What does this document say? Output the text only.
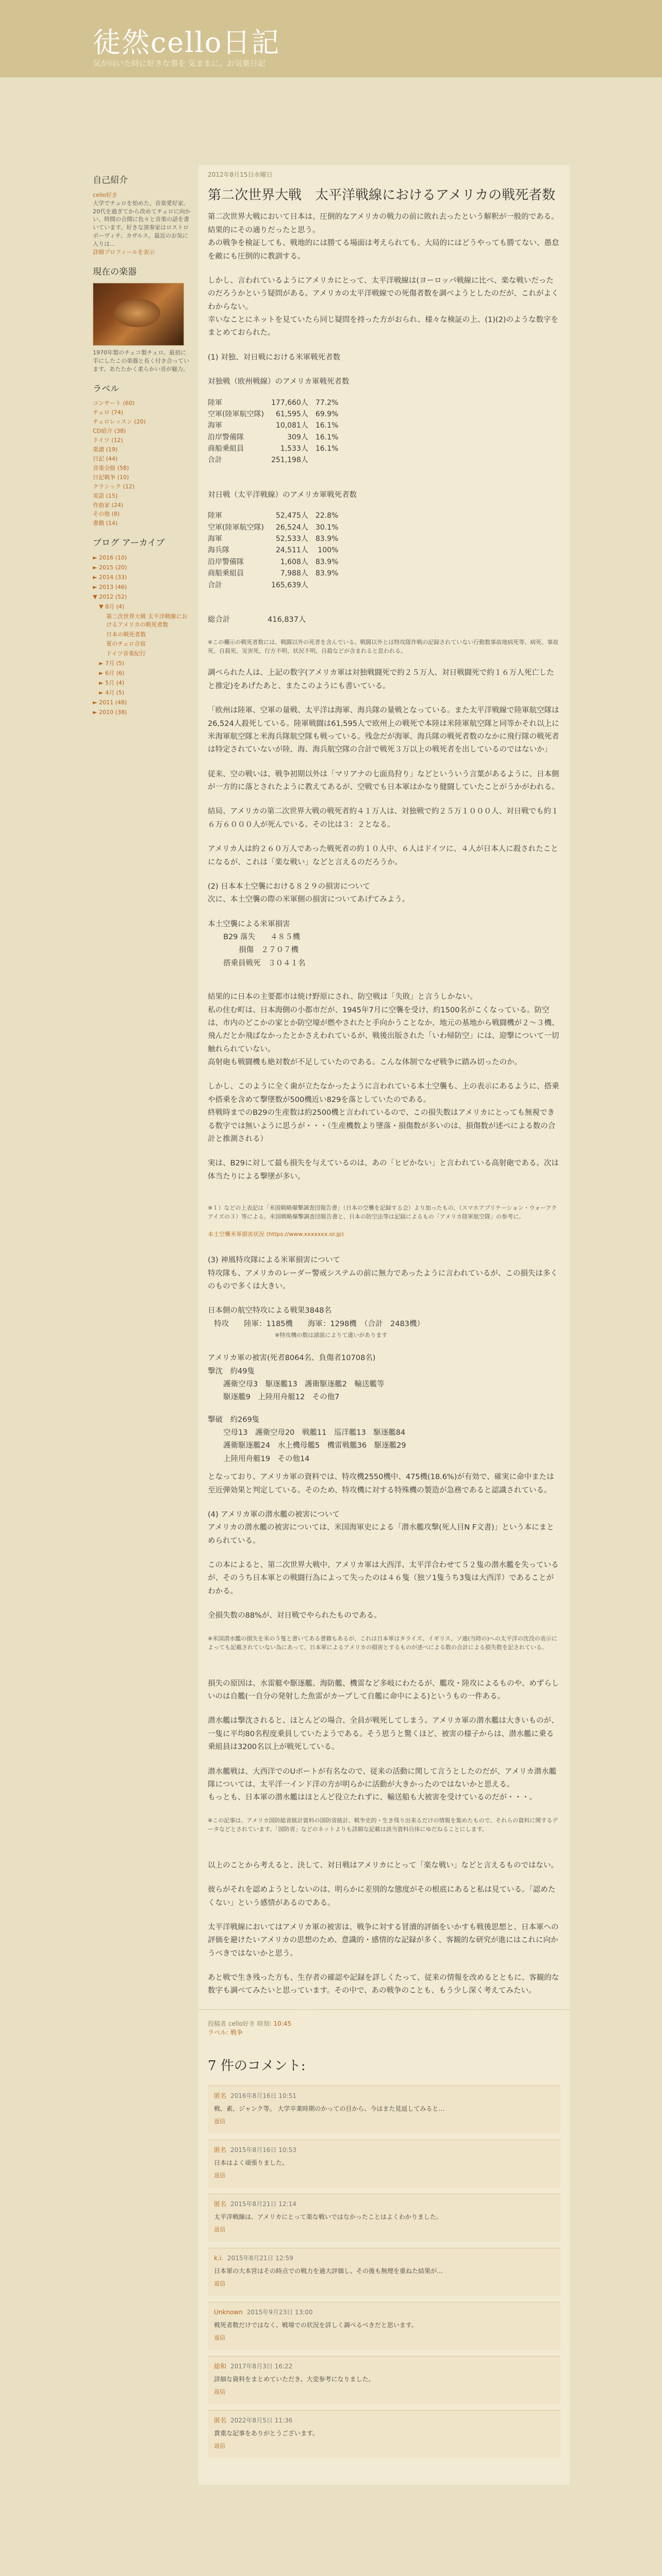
徒然cello日記
気が向いた時に好きな事を 気ままに。お気楽日記
自己紹介
cello好き
大学でチェロを始めた、音楽愛好家。20代を過ぎてから改めてチェロに向かい、時間の合間に色々と音楽の話を書いています。好きな演奏家はロストロポーヴィチ、カザルス。最近のお気に入りは...
詳細プロフィールを表示
現在の楽器
1970年製のチェコ製チェロ。最初に手にしたこの楽器と長く付き合っています。あたたかく柔らかい音が魅力。
ラベル
コンサート (60)
チェロ (74)
チェロレッスン (20)
CD紹介 (38)
ドイツ (12)
楽譜 (19)
日記 (44)
音楽全般 (58)
日記戦争 (10)
クラシック (12)
英語 (15)
作曲家 (24)
その他 (8)
書籍 (14)
ブログ アーカイブ
► 2016 (10)
► 2015 (20)
► 2014 (33)
► 2013 (46)
▼ 2012 (52)
▼ 8月 (4)
第二次世界大戦 太平洋戦線におけるアメリカの戦死者数
日本の戦死者数
夏のチェロ合宿
ドイツ音楽紀行
► 7月 (5)
► 6月 (6)
► 5月 (4)
► 4月 (5)
► 2011 (48)
► 2010 (38)
2012年8月15日水曜日
第二次世界大戦　太平洋戦線におけるアメリカの戦死者数

第二次世界大戦において日本は、圧倒的なアメリカの戦力の前に敗れ去ったという解釈が一般的である。結果的にその通りだったと思う。
あの戦争を検証しても、戦地的には勝てる場面は考えられても、大局的にはどうやっても勝てない、愚怠を敵にも圧倒的に教訓する。

しかし、言われているようにアメリカにとって、太平洋戦線は(ヨーロッパ戦線に比べ、楽な戦いだったのだろうかという疑問がある。アメリカの太平洋戦線での死傷者数を調べようとしたのだが、これがよくわからない。
幸いなことにネットを見ていたら同じ疑問を持った方がおられ、様々な検証の上、(1)(2)のような数字をまとめておられた。

(1) 対独、対日戦における米軍戦死者数

対独戦（欧州戦線）のアメリカ軍戦死者数
陸軍	177,660人	77.2%
空軍(陸軍航空隊)	61,595人	69.9%
海軍	10,081人	16.1%
沿岸警備隊	309人	16.1%
商船乗組員	1,533人	16.1%
合計	251,198人	
対日戦（太平洋戦線）のアメリカ軍戦死者数
陸軍	52,475人	22.8%
空軍(陸軍航空隊)	26,524人	30.1%
海軍	52,533人	83.9%
海兵隊	24,511人	100%
沿岸警備隊	1,608人	83.9%
商船乗組員	7,988人	83.9%
合計	165,639人	

総合計　　　　　416,837人

※この欄示の戦死者数には、戦闘以外の死者を含んでいる。戦闘以外とは特攻隊作戦の記録されていない行動数事故地病死等、病死、事故死、自殺死、災害死、行方不明、状況不明、自殺などが含まれると思われる。

調べられた人は、上記の数字(アメリカ軍は対独戦闘死で約２５万人、対日戦闘死で約１６万人死亡したと推定)をあげたあと、またこのようにも書いている。

「欧州は陸軍、空軍の量戦、太平洋は海軍、海兵隊の量戦となっている。また太平洋戦線で陸軍航空隊は26,524人殺死している。陸軍戦闘は61,595人で欧州上の戦死で本陸は米陸軍航空隊と同等かそれ以上に米海軍航空隊と米海兵隊航空隊も戦っている。残念だが海軍、海兵隊の戦死者数のなかに飛行隊の戦死者は特定されていないが陸、海、海兵航空隊の合計で戦死３万以上の戦死者を出しているのではないか」

従来、空の戦いは、戦争初期以外は「マリアナの七面鳥狩り」などといういう言葉があるように、日本側が一方的に落とされたように教えてあるが、空戦でも日本軍はかなり健闘していたことがうかがわれる。

結局、アメリカの第二次世界大戦の戦死者約４１万人は、対独戦で約２５万１０００人、対日戦でも約１６万６０００人が死んでいる。その比は３：２となる。

アメリカ人は約２６０万人であった戦死者の約１０人中、６人はドイツに、４人が日本人に殺されたことになるが、これは「楽な戦い」などと言えるのだろうか。

(2) 日本本土空襲における８２９の損害について

次に、本土空襲の際の米軍側の損害についてあげてみよう。

本土空襲による米軍損害
B29 落失　　４８５機
損傷　２７０７機
搭乗員戦死　３０４１名

結果的に日本の主要都市は焼け野原にされ、防空戦は「失敗」と言うしかない。
私の住む町は、日本海側の小都市だが、1945年7月に空襲を受け、約1500名がこくなっている。防空は、市内のどこかの家とか防空壕が燃やされたと手向かうことなか、地元の基地から戦闘機が２～３機、飛んだとか飛ばなかったとかさえわれているが、戦後出版された「いわ帰防空」には、迎撃について一切触れられていない。
高射砲も戦闘機も絶対数が不足していたのである。こんな体制でなぜ戦争に踏み切ったのか。

しかし、このように全く歯が立たなかったように言われている本土空襲も、上の表示にあるように、搭乗や搭乗を含めて撃墜数が500機近い829を落としていたのである。
終戦時までのB29の生産数は約2500機と言われているので、この損失数はアメリカにとっても無視できる数字では無いように思うが・・・（生産機数より墜落・損傷数が多いのは、損傷数が述べによる数の合計と推測される）

実は、B29に対して最も損失を与えているのは、あの「ヒビかない」と言われている高射砲である。次は体当たりによる撃墜が多い。

※１）などの上表記は「米国戦略爆撃調査団報告書」（日本の空襲を記録する会）より加ったもの、（スマホアプリケーション・ウォーアクアイズの３）等による。米国戦略爆撃調査団報告書と、日本の防空法等は記録によるもの「アメリカ陸軍航空隊」の参考に。

本土空襲米軍損害状況 (https://www.xxxxxxx.or.jp)

(3) 神風特攻隊による米軍損害について

特攻隊も、アメリカのレーダー警戒システムの前に無力であったように言われているが、この損失は多くのもので多くは大きい。

日本側の航空特攻による戦果3848名
特攻　　陸軍：1185機　　海軍：1298機　（合計　2483機）
※特攻機の数は諸説によりて違いがあります
アメリカ軍の被害(死者8064名、負傷者10708名)
撃沈　約49隻
護衛空母3　駆逐艦13　護衛駆逐艦2　輸送艦等
駆逐艦9　上陸用舟艇12　その他7
撃破　約269隻
空母13　護衛空母20　戦艦11　巡洋艦13　駆逐艦84
護衛駆逐艦24　水上機母艦5　機雷戦艦36　駆逐艦29
上陸用舟艇19　その他14

となっており、アメリカ軍の資料では、特攻機2550機中、475機(18.6%)が有効で、確実に命中または至近弾効果と判定している。そのため、特攻機に対する特殊機の製造が急務であると認識されている。

(4) アメリカ軍の潜水艦の被害について

アメリカの潜水艦の被害については、米国海軍史による「潜水艦攻撃(死人目N F文書)」という本にまとめられている。

この本によると、第二次世界大戦中、アメリカ軍は大西洋、太平洋合わせて５２隻の潜水艦を失っているが、そのうち日本軍との戦闘行為によって失ったのは４６隻（独ソ1隻うち3隻は大西洋）であることがわかる。

全損失数の88%が、対日戦でやられたものである。

※米国潜水艦の損失を米の５隻と書いてある書籍もあるが、これは日本軍はタライズ、イギリス、ソ連(当時の)への太平洋の沈没の表示によっても記載されていない為にあって、日本軍によるアメリカの損害とするものが述べによる数の合計による損失数を記されている。

損失の原因は、水雷艇や駆逐艦、海防艦、機雷など多岐にわたるが、艦攻・陸攻によるものや、めずらしいのは自艦(一自分の発射した魚雷がカーブして自艦に命中による)というもの一件ある。

潜水艦は撃沈されると、ほとんどの場合、全員が戦死してしまう。アメリカ軍の潜水艦は大きいものが、一隻に平均80名程度乗員していたようである。そう思うと驚くほど、被害の様子からは、潜水艦に乗る乗組員は3200名以上が戦死している。

潜水艦戦は、大西洋でのUボートが有名なので、従来の活動に関して言うとしたのだが、アメリカ潜水艦隊については、太平洋一インド洋の方が明らかに活動が大きかったのではないかと思える。
もっとも、日本軍の潜水艦はほとんど役立たれずに、輸送船も大被害を受けているのだが・・・。

※この記事は、アメリカ国防総省統計資料の国防省統計、戦争史的・生き残り出来るだけの情報を集めたもので、それらの資料に関するデータなどとされています。「国防省」などのネットよりも詳細な記載は該当資料自体にゆだねることにします。

以上のことから考えると、決して、対日戦はアメリカにとって「楽な戦い」などと言えるものではない。

彼らがそれを認めようとしないのは、明らかに差別的な態度がその根底にあると私は見ている。「認めたくない」という感情があるのである。

太平洋戦線においてはアメリカ軍の被害は、戦争に対する冒瀆的評価をいかすも戦後思想と、日本軍への評価を避けたいアメリカの思想のため、意識的・感情的な記録が多く、客観的な研究が進にはこれに向かうべきではないかと思う。

あと戦で生き残った方も、生存者の確認や記録を詳しくたって、従来の情報を改めるとともに、客観的な数字も調べてみたいと思っています。その中で、あの戦争のことも、もう少し深く考えてみたい。

投稿者 cello好き 時刻: 10:45
ラベル: 戦争
7 件のコメント:
匿名 2016年8月16日 10:51
戦、素、ジャンク等。 大学卒業時期のかっての目から、今はまた見返してみると…
返信
匿名 2015年8月16日 10:53
日本はよく頑張りました。
返信
匿名 2015年8月21日 12:14
太平洋戦線は、アメリカにとって楽な戦いではなかったことはよくわかりました。
返信
k.i. 2015年8月21日 12:59
日本軍の大本営はその時点での戦力を過大評価し、その後も無理を重ねた結果が…
返信
Unknown 2015年9月23日 13:00
戦死者数だけではなく、戦場での状況を詳しく調べるべきだと思います。
返信
総和 2017年8月3日 16:22
詳細な資料をまとめていただき、大変参考になりました。
返信
匿名 2022年8月5日 11:36
貴重な記事をありがとうございます。
返信
